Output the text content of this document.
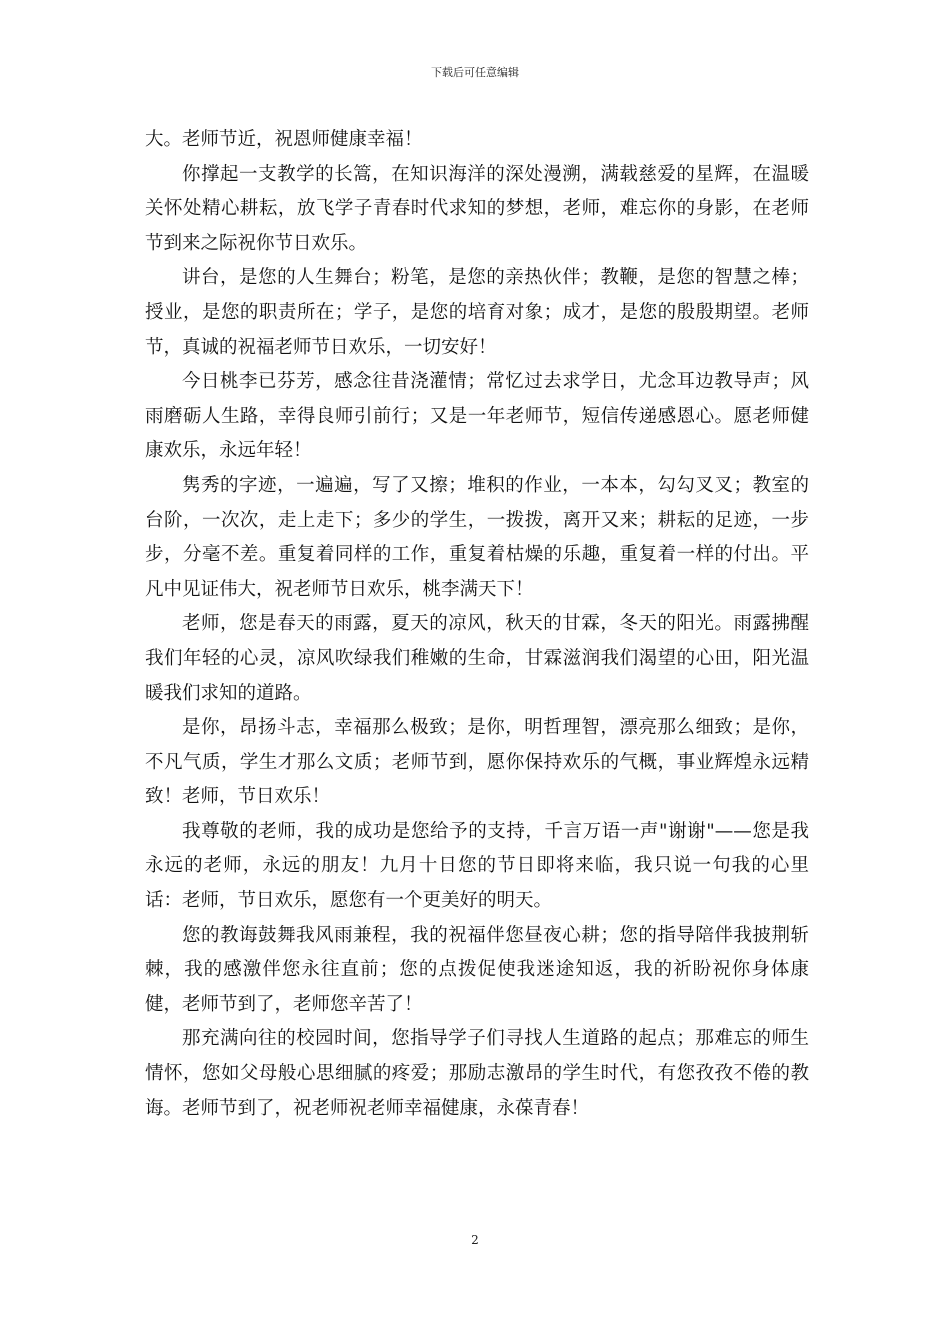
下载后可任意编辑

大。老师节近，祝恩师健康幸福！

你撑起一支教学的长篙，在知识海洋的深处漫溯，满载慈爱的星辉，在温暖关怀处精心耕耘，放飞学子青春时代求知的梦想，老师，难忘你的身影，在老师节到来之际祝你节日欢乐。

讲台，是您的人生舞台；粉笔，是您的亲热伙伴；教鞭，是您的智慧之棒；授业，是您的职责所在；学子，是您的培育对象；成才，是您的殷殷期望。老师节，真诚的祝福老师节日欢乐，一切安好！

今日桃李已芬芳，感念往昔浇灌情；常忆过去求学日，尤念耳边教导声；风雨磨砺人生路，幸得良师引前行；又是一年老师节，短信传递感恩心。愿老师健康欢乐，永远年轻！

隽秀的字迹，一遍遍，写了又擦；堆积的作业，一本本，勾勾叉叉；教室的台阶，一次次，走上走下；多少的学生，一拨拨，离开又来；耕耘的足迹，一步步，分毫不差。重复着同样的工作，重复着枯燥的乐趣，重复着一样的付出。平凡中见证伟大，祝老师节日欢乐，桃李满天下！

老师，您是春天的雨露，夏天的凉风，秋天的甘霖，冬天的阳光。雨露拂醒我们年轻的心灵，凉风吹绿我们稚嫩的生命，甘霖滋润我们渴望的心田，阳光温暖我们求知的道路。

是你，昂扬斗志，幸福那么极致；是你，明哲理智，漂亮那么细致；是你，不凡气质，学生才那么文质；老师节到，愿你保持欢乐的气概，事业辉煌永远精致！老师，节日欢乐！

我尊敬的老师，我的成功是您给予的支持，千言万语一声"谢谢"——您是我永远的老师，永远的朋友！九月十日您的节日即将来临，我只说一句我的心里话：老师，节日欢乐，愿您有一个更美好的明天。

您的教诲鼓舞我风雨兼程，我的祝福伴您昼夜心耕；您的指导陪伴我披荆斩棘，我的感激伴您永往直前；您的点拨促使我迷途知返，我的祈盼祝你身体康健，老师节到了，老师您辛苦了！

那充满向往的校园时间，您指导学子们寻找人生道路的起点；那难忘的师生情怀，您如父母般心思细腻的疼爱；那励志激昂的学生时代，有您孜孜不倦的教诲。老师节到了，祝老师祝老师幸福健康，永葆青春！

2
